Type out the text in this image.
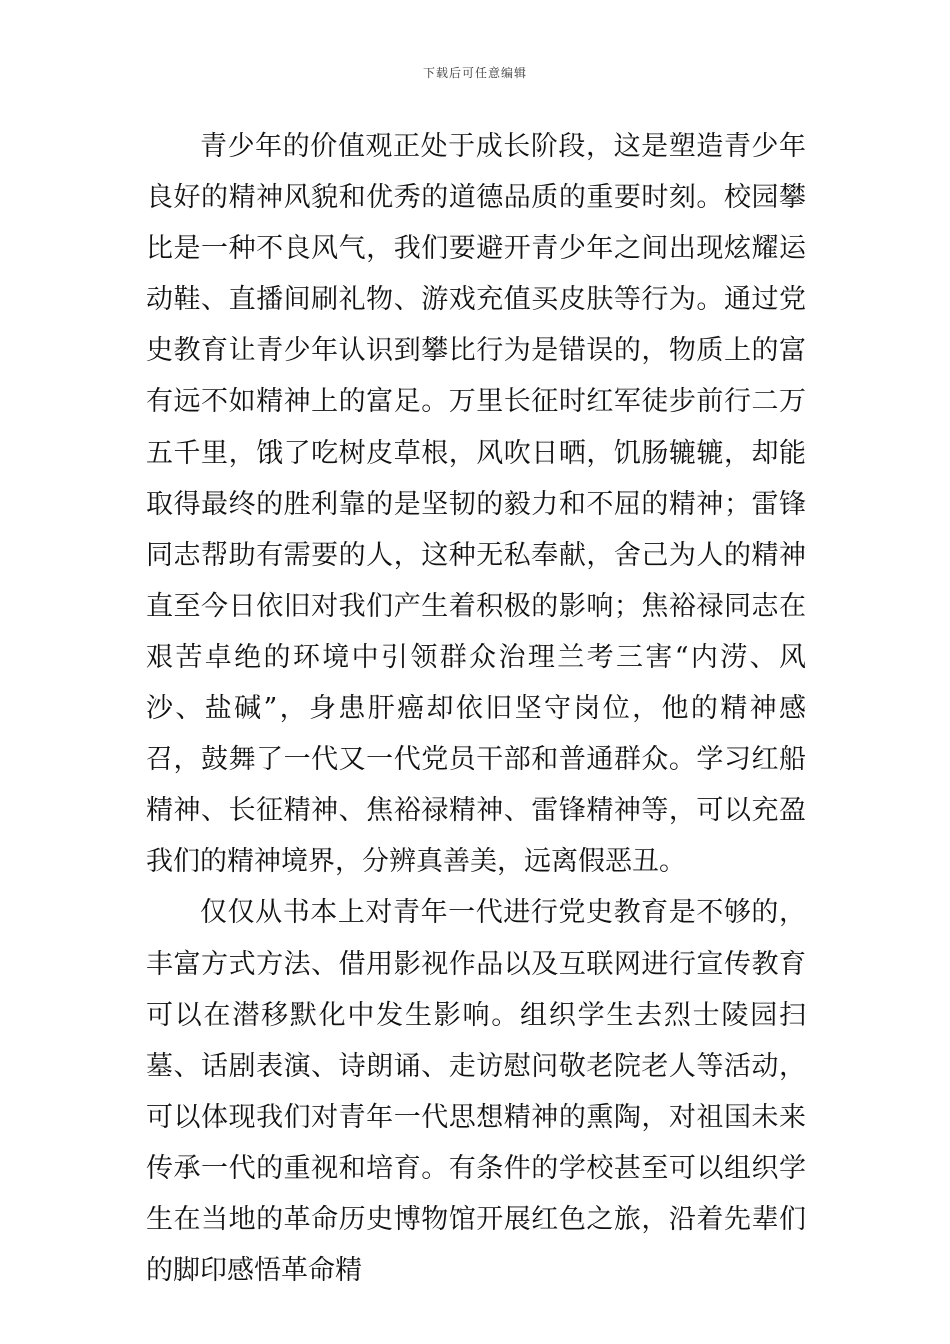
下载后可任意编辑

青少年的价值观正处于成长阶段，这是塑造青少年良好的精神风貌和优秀的道德品质的重要时刻。校园攀比是一种不良风气，我们要避开青少年之间出现炫耀运动鞋、直播间刷礼物、游戏充值买皮肤等行为。通过党史教育让青少年认识到攀比行为是错误的，物质上的富有远不如精神上的富足。万里长征时红军徒步前行二万五千里，饿了吃树皮草根，风吹日晒，饥肠辘辘，却能取得最终的胜利靠的是坚韧的毅力和不屈的精神；雷锋同志帮助有需要的人，这种无私奉献，舍己为人的精神直至今日依旧对我们产生着积极的影响；焦裕禄同志在艰苦卓绝的环境中引领群众治理兰考三害“内涝、风沙、盐碱”，身患肝癌却依旧坚守岗位，他的精神感召，鼓舞了一代又一代党员干部和普通群众。学习红船精神、长征精神、焦裕禄精神、雷锋精神等，可以充盈我们的精神境界，分辨真善美，远离假恶丑。

仅仅从书本上对青年一代进行党史教育是不够的，丰富方式方法、借用影视作品以及互联网进行宣传教育可以在潜移默化中发生影响。组织学生去烈士陵园扫墓、话剧表演、诗朗诵、走访慰问敬老院老人等活动，可以体现我们对青年一代思想精神的熏陶，对祖国未来传承一代的重视和培育。有条件的学校甚至可以组织学生在当地的革命历史博物馆开展红色之旅，沿着先辈们的脚印感悟革命精
